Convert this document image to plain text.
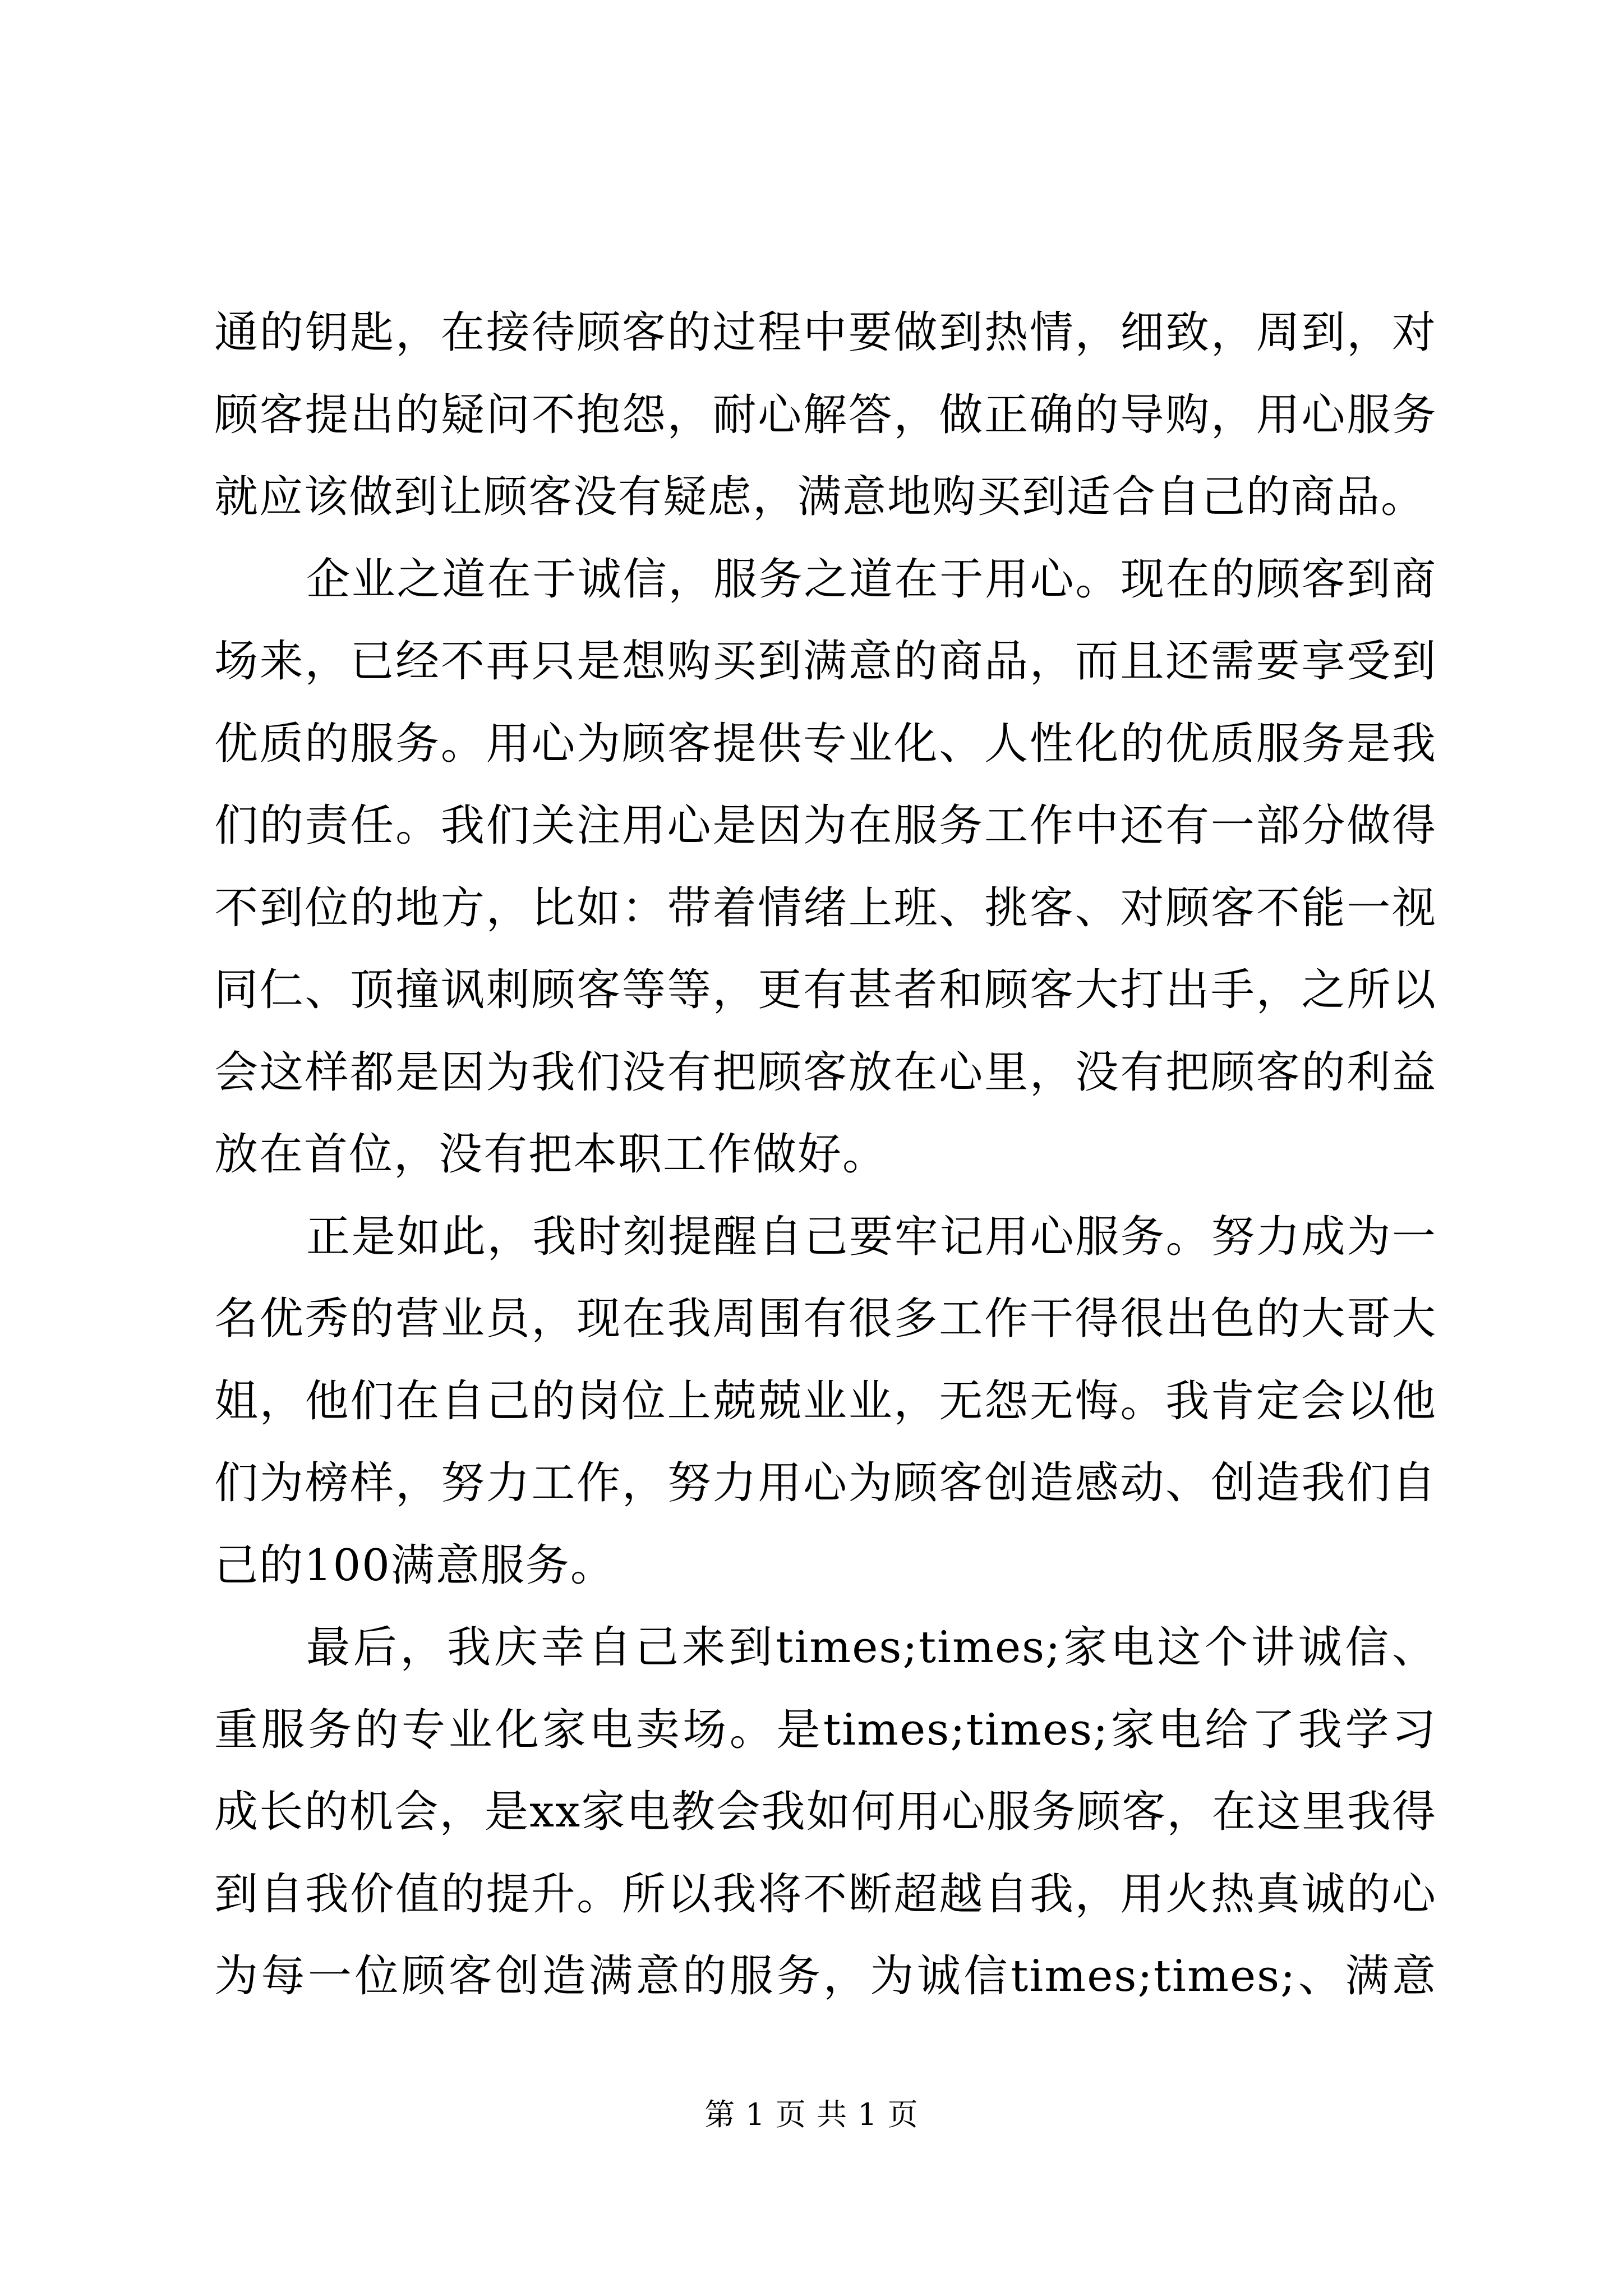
通的钥匙，在接待顾客的过程中要做到热情，细致，周到，对顾客提出的疑问不抱怨，耐心解答，做正确的导购，用心服务就应该做到让顾客没有疑虑，满意地购买到适合自己的商品。

企业之道在于诚信，服务之道在于用心。现在的顾客到商场来，已经不再只是想购买到满意的商品，而且还需要享受到优质的服务。用心为顾客提供专业化、人性化的优质服务是我们的责任。我们关注用心是因为在服务工作中还有一部分做得不到位的地方，比如：带着情绪上班、挑客、对顾客不能一视同仁、顶撞讽刺顾客等等，更有甚者和顾客大打出手，之所以会这样都是因为我们没有把顾客放在心里，没有把顾客的利益放在首位，没有把本职工作做好。

正是如此，我时刻提醒自己要牢记用心服务。努力成为一名优秀的营业员，现在我周围有很多工作干得很出色的大哥大姐，他们在自己的岗位上兢兢业业，无怨无悔。我肯定会以他们为榜样，努力工作，努力用心为顾客创造感动、创造我们自己的100满意服务。

最后，我庆幸自己来到times;times;家电这个讲诚信、重服务的专业化家电卖场。是times;times;家电给了我学习成长的机会，是xx家电教会我如何用心服务顾客，在这里我得到自我价值的提升。所以我将不断超越自我，用火热真诚的心为每一位顾客创造满意的服务，为诚信times;times;、满意

第 1 页 共 1 页
